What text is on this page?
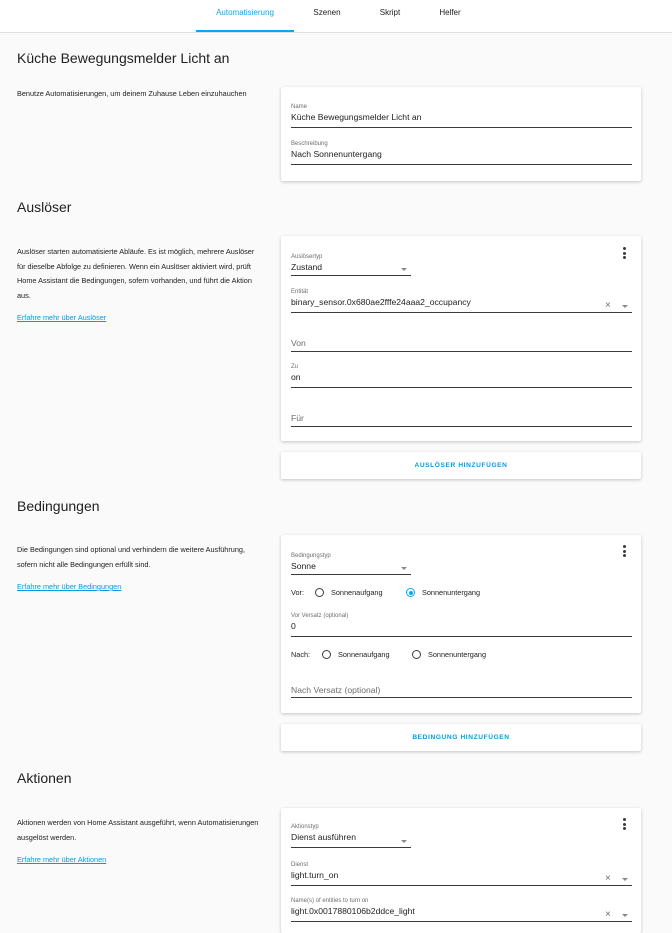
Automatisierung	Szenen	Skript	Helfer
Küche Bewegungsmelder Licht an
Benutze Automatisierungen, um deinem Zuhause Leben einzuhauchen
Name
Küche Bewegungsmelder Licht an
Beschreibung
Nach Sonnenuntergang
Auslöser
Auslöser starten automatisierte Abläufe. Es ist möglich, mehrere Auslöser für dieselbe Abfolge zu definieren. Wenn ein Auslöser aktiviert wird, prüft Home Assistant die Bedingungen, sofern vorhanden, und führt die Aktion aus.
Erfahre mehr über Auslöser
Auslösertyp
Zustand
Entität
binary_sensor.0x680ae2fffe24aaa2_occupancy	×
Von
Zu
on
Für
AUSLÖSER HINZUFÜGEN
Bedingungen
Die Bedingungen sind optional und verhindern die weitere Ausführung, sofern nicht alle Bedingungen erfüllt sind.
Erfahre mehr über Bedingungen
Bedingungstyp
Sonne
Vor:	Sonnenaufgang	Sonnenuntergang
Vor Versatz (optional)
0
Nach:	Sonnenaufgang	Sonnenuntergang
Nach Versatz (optional)
BEDINGUNG HINZUFÜGEN
Aktionen
Aktionen werden von Home Assistant ausgeführt, wenn Automatisierungen ausgelöst werden.
Erfahre mehr über Aktionen
Aktionstyp
Dienst ausführen
Dienst
light.turn_on	×
Name(s) of entities to turn on
light.0x0017880106b2ddce_light	×
